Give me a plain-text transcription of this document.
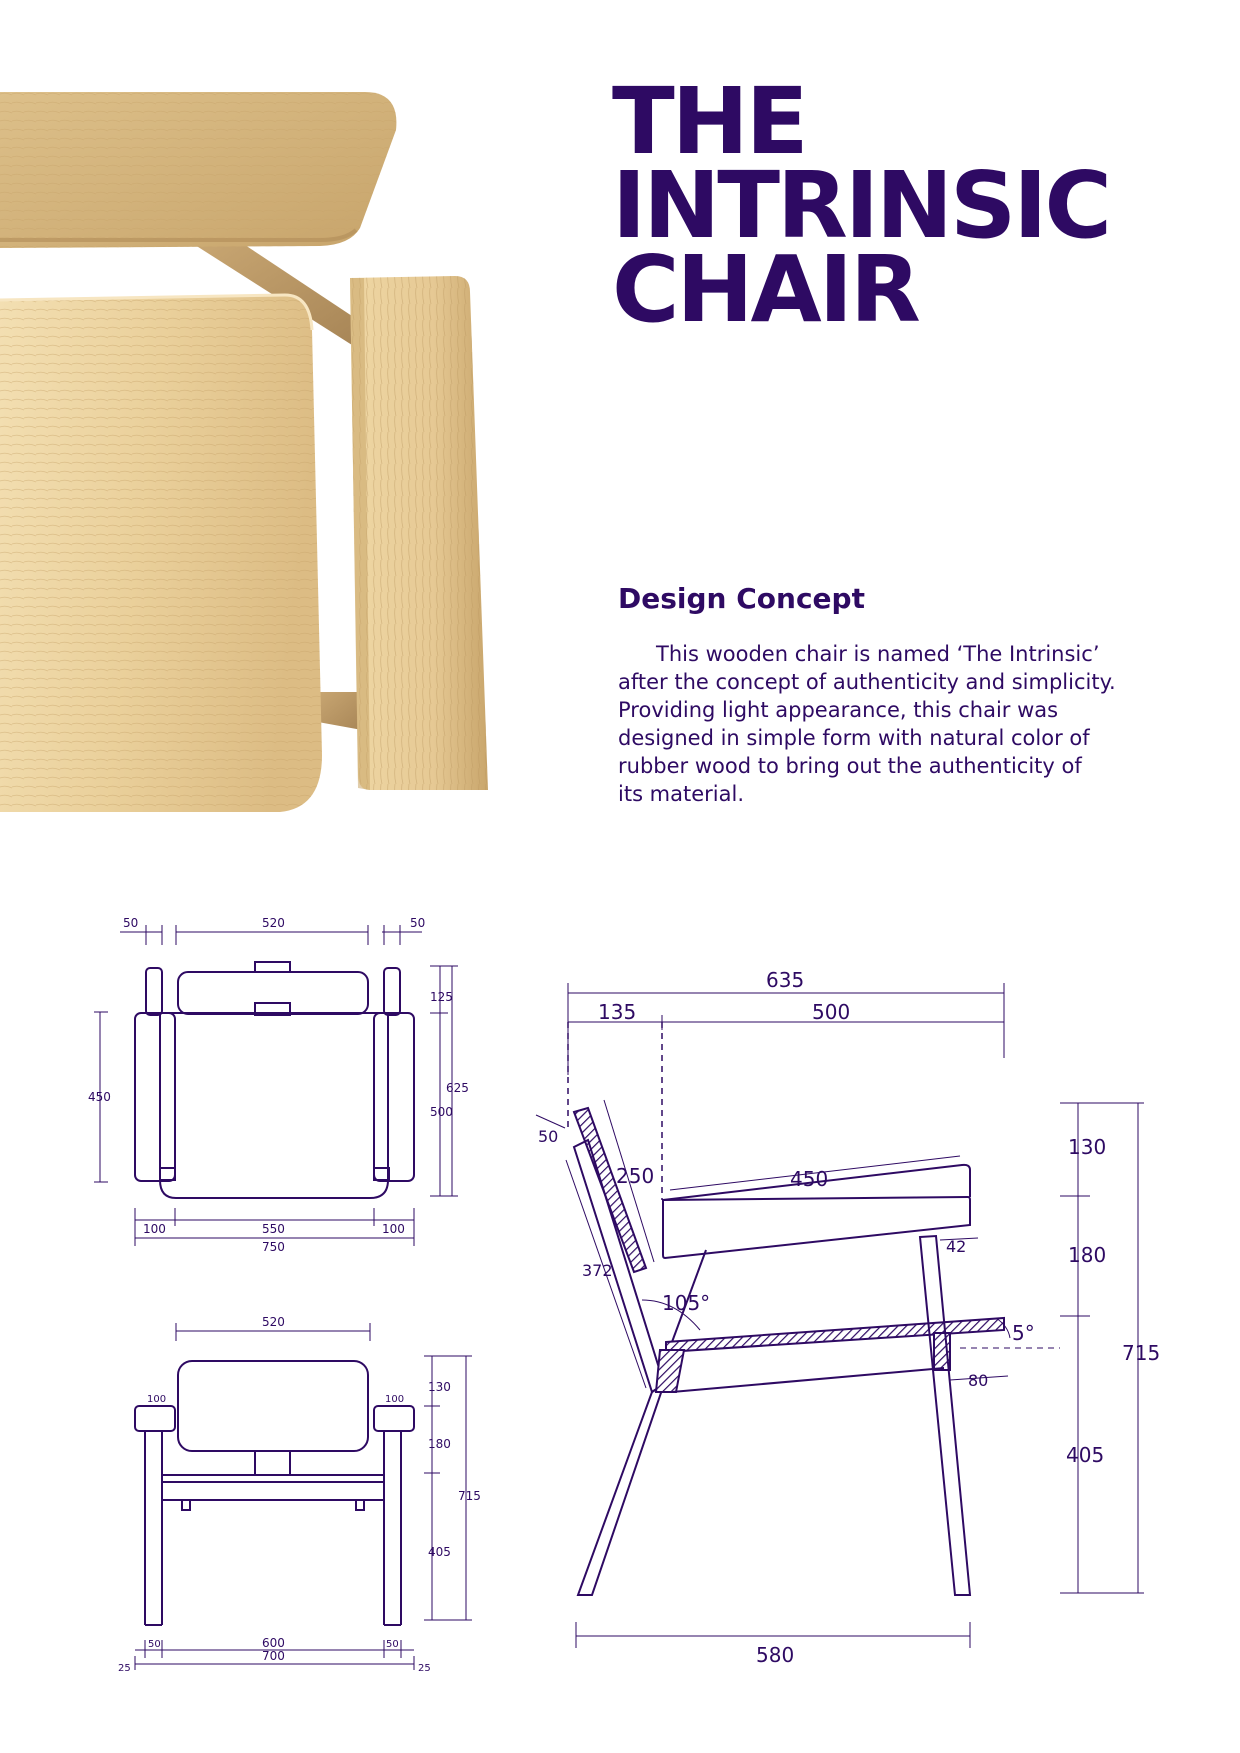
50	520	50
125
500
625
450
100	550	100
750
520
100	100
130
180
405
715
50	600	50
700
25	25
635
135	500
50
250	450
372
105°
5°
42
80
130
180
405
715
580
THE
INTRINSIC
CHAIR
Design Concept

This wooden chair is named ‘The Intrinsic’
after the concept of authenticity and simplicity.
Providing light appearance, this chair was
designed in simple form with natural color of
rubber wood to bring out the authenticity of
its material.
